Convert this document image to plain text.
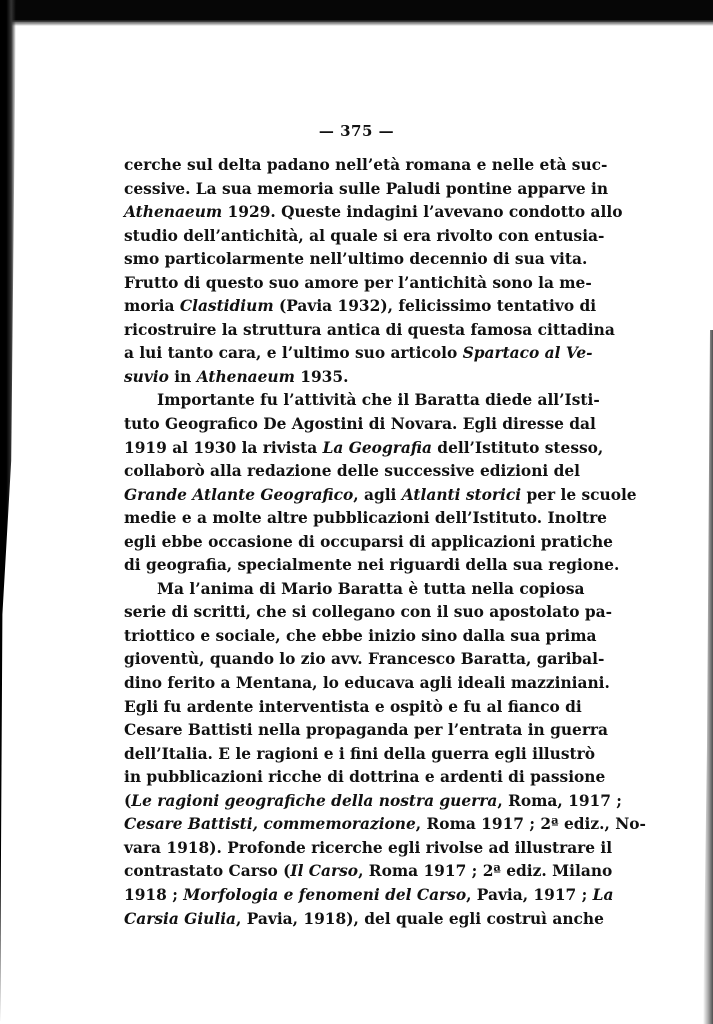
— 375 —
cerche sul delta padano nell’età romana e nelle età suc-
cessive. La sua memoria sulle Paludi pontine apparve in
Athenaeum 1929. Queste indagini l’avevano condotto allo
studio dell’antichità, al quale si era rivolto con entusia-
smo particolarmente nell’ultimo decennio di sua vita.
Frutto di questo suo amore per l’antichità sono la me-
moria Clastidium (Pavia 1932), felicissimo tentativo di
ricostruire la struttura antica di questa famosa cittadina
a lui tanto cara, e l’ultimo suo articolo Spartaco al Ve-
suvio in Athenaeum 1935.
Importante fu l’attività che il Baratta diede all’Isti-
tuto Geografico De Agostini di Novara. Egli diresse dal
1919 al 1930 la rivista La Geografia dell’Istituto stesso,
collaborò alla redazione delle successive edizioni del
Grande Atlante Geografico, agli Atlanti storici per le scuole
medie e a molte altre pubblicazioni dell’Istituto. Inoltre
egli ebbe occasione di occuparsi di applicazioni pratiche
di geografia, specialmente nei riguardi della sua regione.
Ma l’anima di Mario Baratta è tutta nella copiosa
serie di scritti, che si collegano con il suo apostolato pa-
triottico e sociale, che ebbe inizio sino dalla sua prima
gioventù, quando lo zio avv. Francesco Baratta, garibal-
dino ferito a Mentana, lo educava agli ideali mazziniani.
Egli fu ardente interventista e ospitò e fu al fianco di
Cesare Battisti nella propaganda per l’entrata in guerra
dell’Italia. E le ragioni e i fini della guerra egli illustrò
in pubblicazioni ricche di dottrina e ardenti di passione
(Le ragioni geografiche della nostra guerra, Roma, 1917 ;
Cesare Battisti, commemorazione, Roma 1917 ; 2ª ediz., No-
vara 1918). Profonde ricerche egli rivolse ad illustrare il
contrastato Carso (Il Carso, Roma 1917 ; 2ª ediz. Milano
1918 ; Morfologia e fenomeni del Carso, Pavia, 1917 ; La
Carsia Giulia, Pavia, 1918), del quale egli costruì anche
